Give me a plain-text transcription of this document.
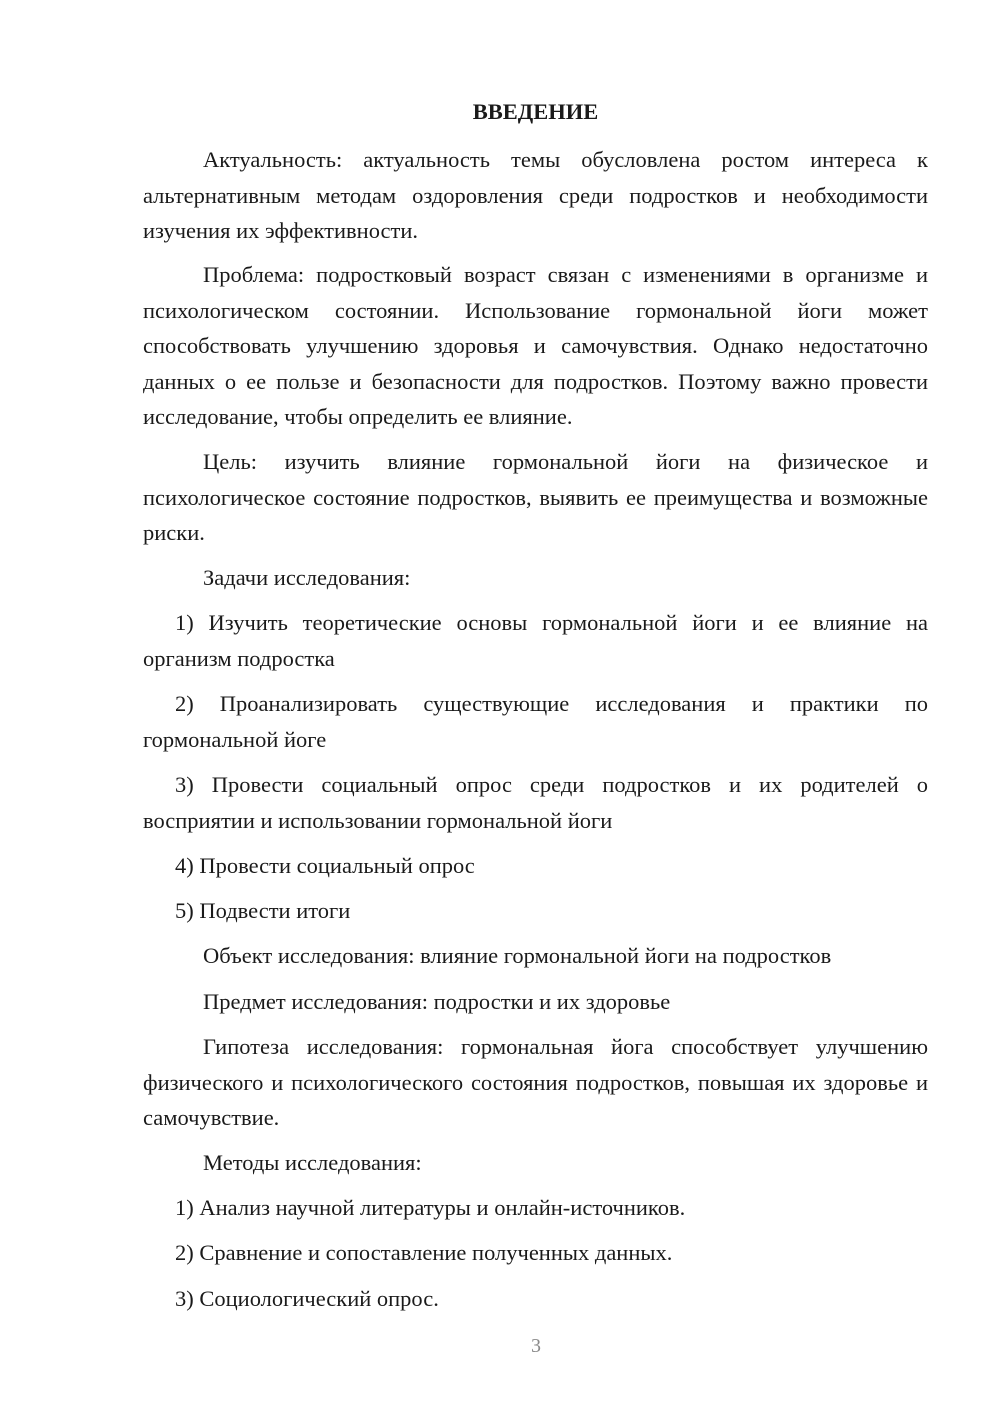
ВВЕДЕНИЕ

Актуальность: актуальность темы обусловлена ростом интереса к альтернативным методам оздоровления среди подростков и необходимости изучения их эффективности.

Проблема: подростковый возраст связан с изменениями в организме и психологическом состоянии. Использование гормональной йоги может способствовать улучшению здоровья и самочувствия. Однако недостаточно данных о ее пользе и безопасности для подростков. Поэтому важно провести исследование, чтобы определить ее влияние.

Цель: изучить влияние гормональной йоги на физическое и психологическое состояние подростков, выявить ее преимущества и возможные риски.

Задачи исследования:

1) Изучить теоретические основы гормональной йоги и ее влияние на организм подростка

2) Проанализировать существующие исследования и практики по гормональной йоге

3) Провести социальный опрос среди подростков и их родителей о восприятии и использовании гормональной йоги

4) Провести социальный опрос

5) Подвести итоги

Объект исследования: влияние гормональной йоги на подростков

Предмет исследования: подростки и их здоровье

Гипотеза исследования: гормональная йога способствует улучшению физического и психологического состояния подростков, повышая их здоровье и самочувствие.

Методы исследования:

1) Анализ научной литературы и онлайн-источников.

2) Сравнение и сопоставление полученных данных.

3) Социологический опрос.

3
